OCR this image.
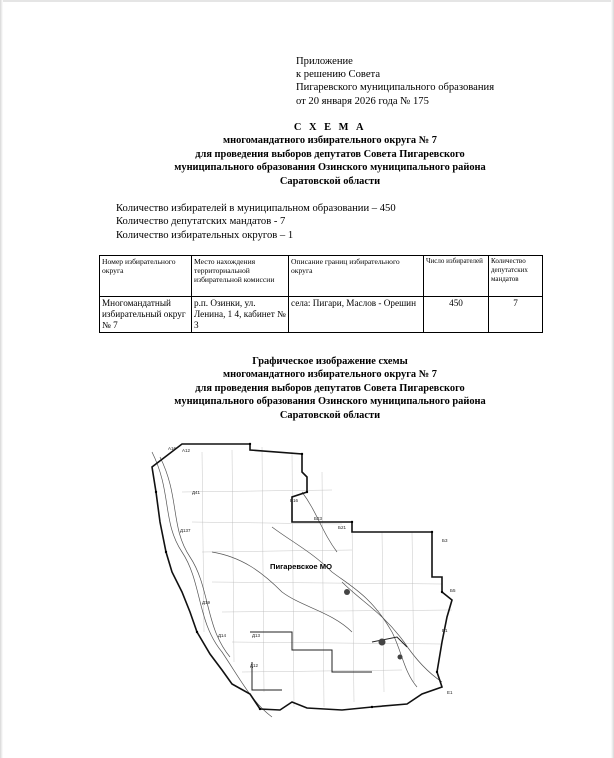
Приложение
к решению Совета
Пигаревского муниципального образования
от 20 января 2026 года № 175
С Х Е М А
многомандатного избирательного округа № 7
для проведения выборов депутатов Совета Пигаревского
муниципального образования Озинского муниципального района
Саратовской области
Количество избирателей в муниципальном образовании – 450
Количество депутатских мандатов - 7
Количество избирательных округов – 1
Номер избирательного округа	Место нахождения территориальной избирательной комиссии	Описание границ избирательного округа	Число избирателей	Количество депутатских мандатов
Многомандатный избирательный округ № 7	р.п. Озинки, ул. Ленина, 1 4, кабинет № 3	села: Пигари, Маслов - Орешин	450	7
Графическое изображение схемы
многомандатного избирательного округа № 7
для проведения выборов депутатов Совета Пигаревского
муниципального образования Озинского муниципального района
Саратовской области
Пигаревское МО
А16 А12
Д41
Д137
Д19
Д14	Д13
Д12
Б16
Б23
Б21
Б3
Б5
Б1
Е1
